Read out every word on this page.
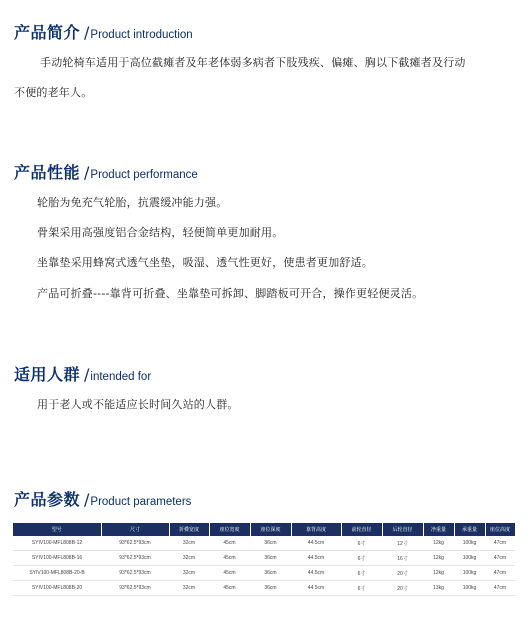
产品简介 / Product introduction
手动轮椅车适用于高位截瘫者及年老体弱多病者下肢残疾、偏瘫、胸以下截瘫者及行动
不便的老年人。
产品性能 / Product performance
轮胎为免充气轮胎，抗震缓冲能力强。
骨架采用高强度铝合金结构，轻便简单更加耐用。
坐靠垫采用蜂窝式透气坐垫，吸湿、透气性更好，使患者更加舒适。
产品可折叠----靠背可折叠、坐靠垫可拆卸、脚踏板可开合，操作更轻便灵活。
适用人群 / intended for
用于老人或不能适应长时间久站的人群。
产品参数 / Product parameters
型号	尺寸	折叠宽度	座位宽度	座位深度	靠背高度	前轮直径	后轮直径	净重量	承重量	座位高度
SYIV100-MFL808B-12	93*62.5*93cm	32cm	45cm	36cm	44.5cm	6寸	12寸	12kg	100kg	47cm
SYIV100-MFL808B-16	93*62.5*93cm	32cm	45cm	36cm	44.5cm	6寸	16寸	12kg	100kg	47cm
SYIV100-MFL808B-20-B	93*62.5*93cm	32cm	45cm	36cm	44.5cm	6寸	20寸	12kg	100kg	47cm
SYIV100-MFL808B-20	93*62.5*93cm	32cm	45cm	36cm	44.5cm	6寸	20寸	13kg	100kg	47cm
